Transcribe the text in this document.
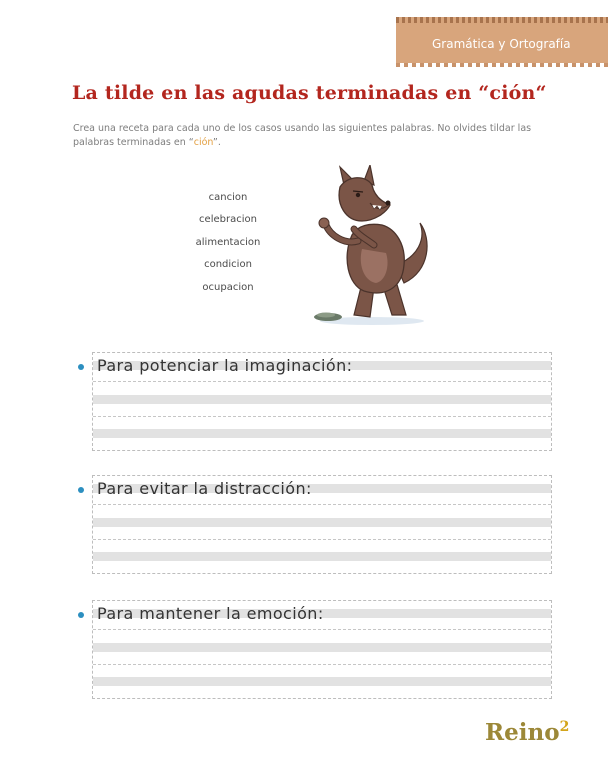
Gramática y Ortografía
La tilde en las agudas terminadas en “ción“
Crea una receta para cada uno de los casos usando las siguientes palabras. No olvides tildar las palabras terminadas en “ción”.
cancion
celebracion
alimentacion
condicion
ocupacion
Para potenciar la imaginación:
Para evitar la distracción:
Para mantener la emoción:
Reino$^2$
